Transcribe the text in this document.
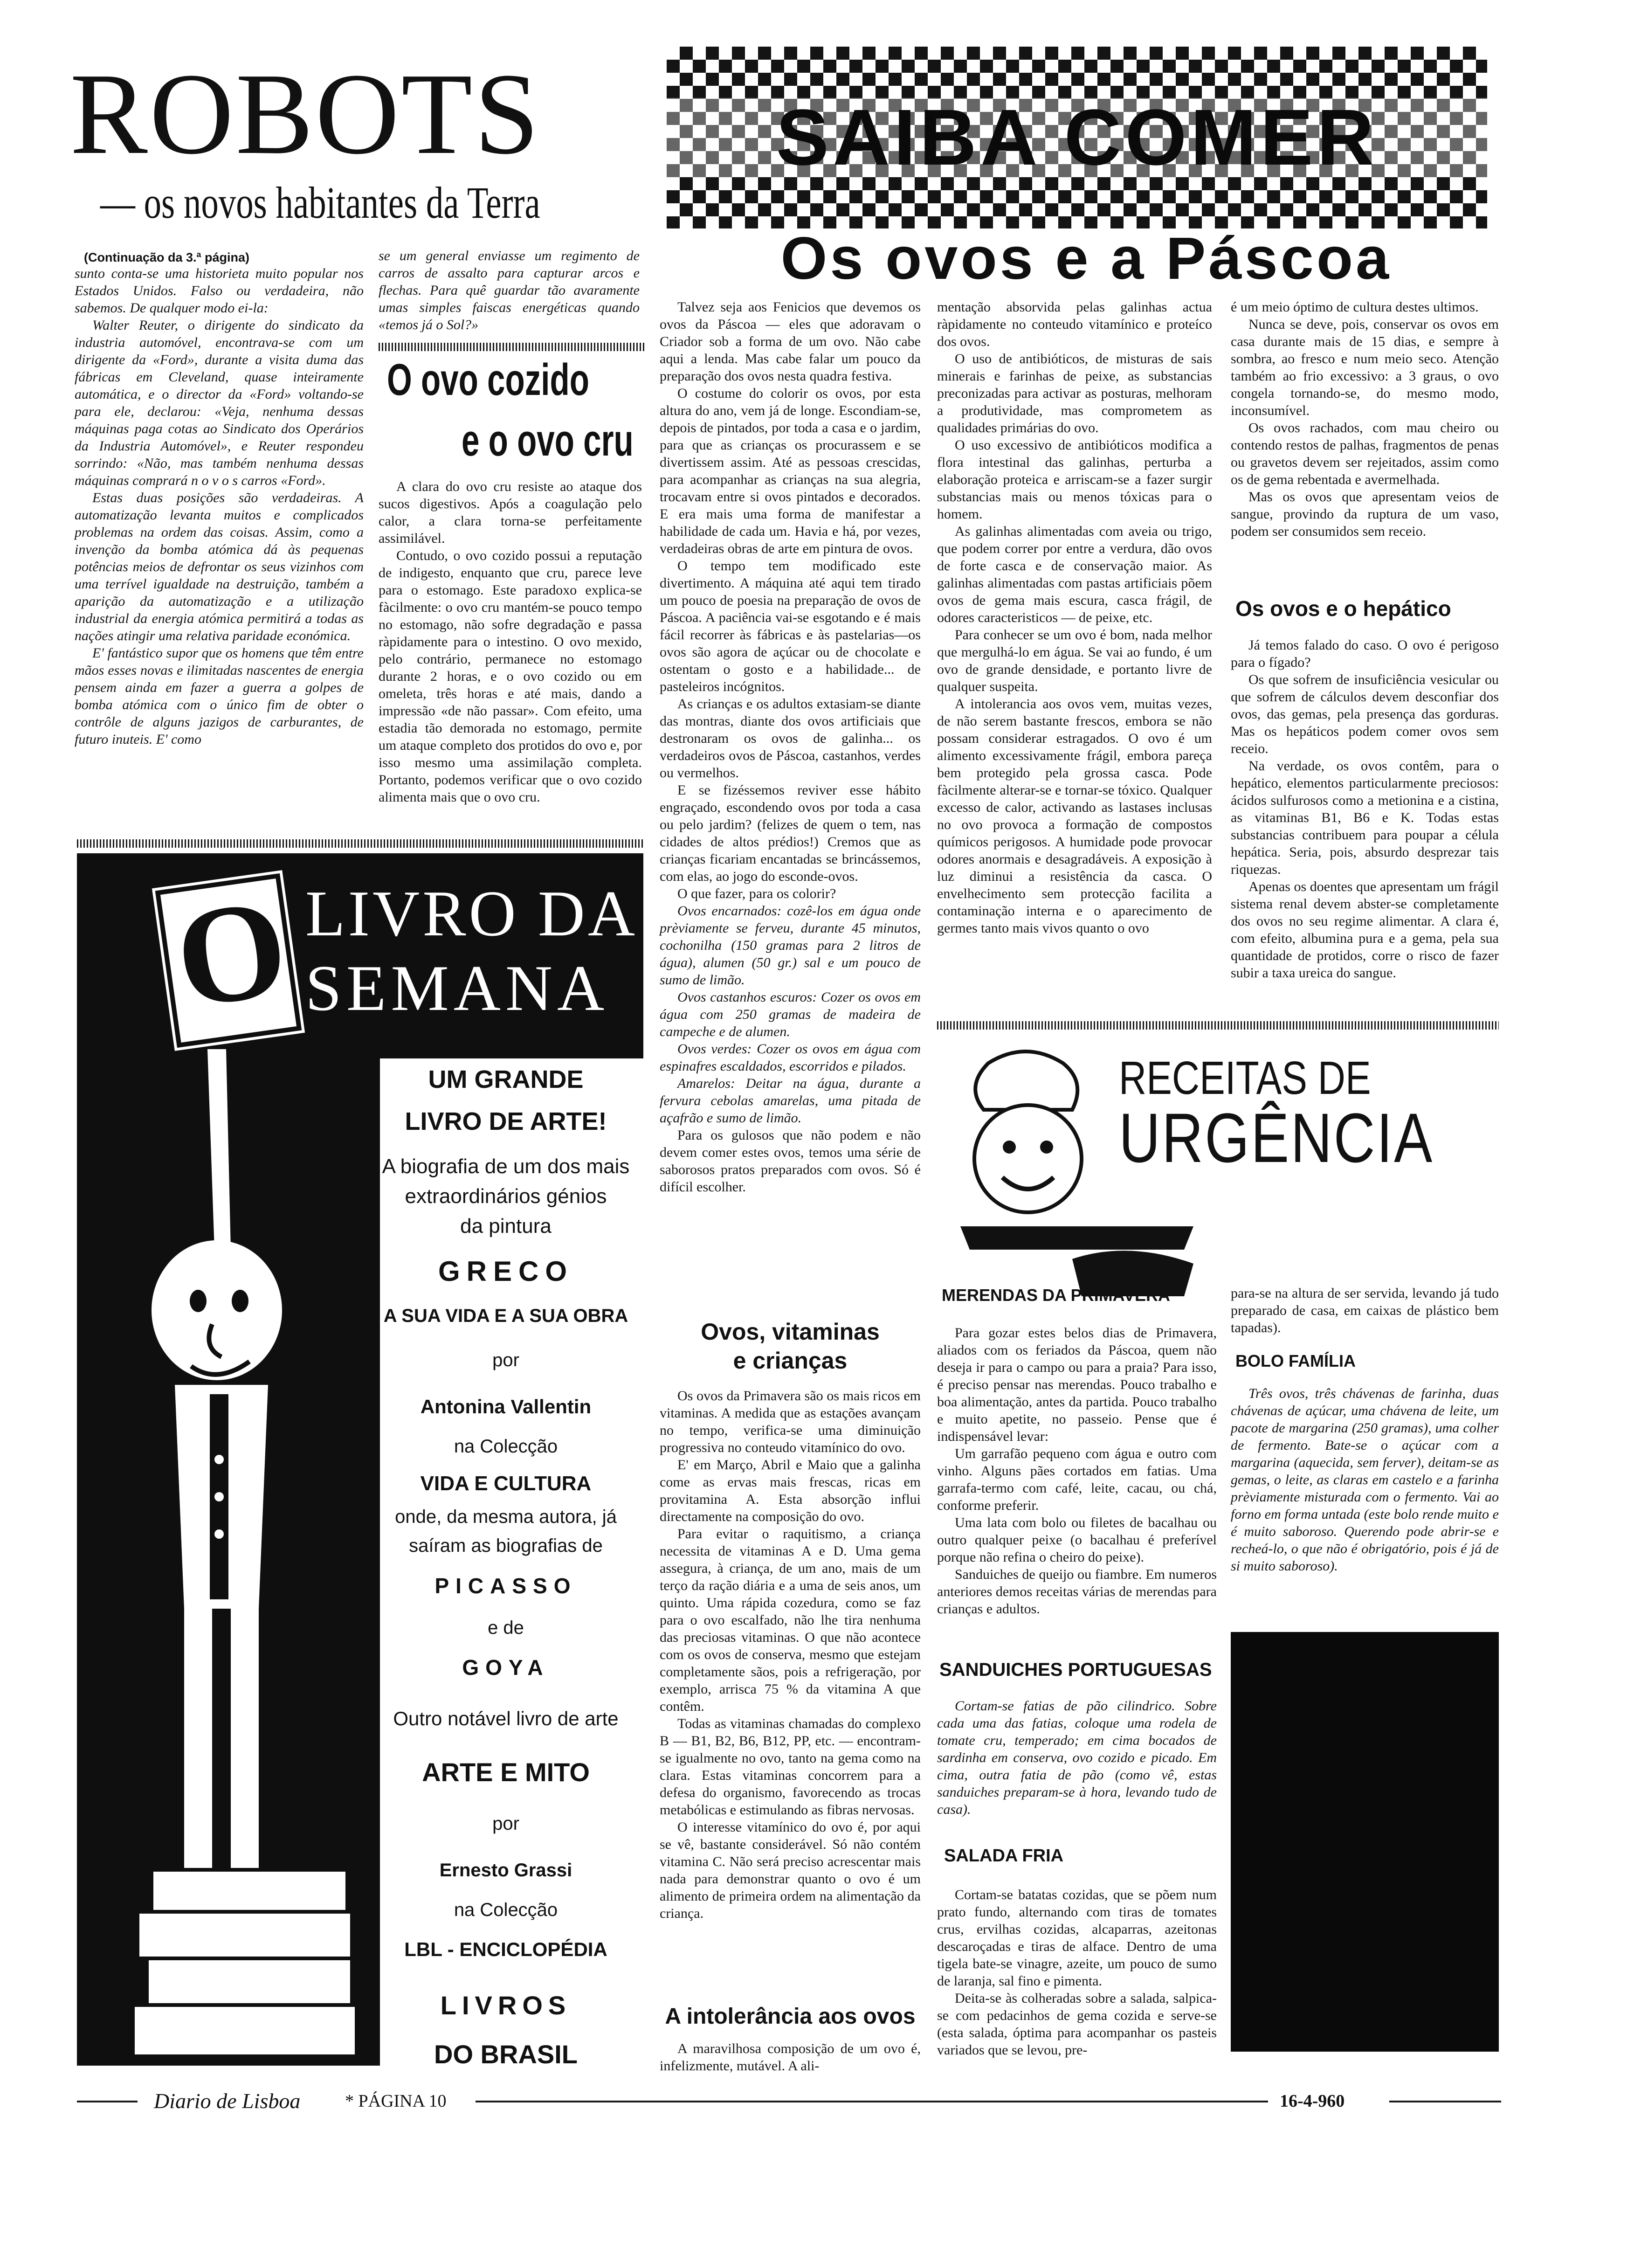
ROBOTS
— os novos habitantes da Terra
(Continuação da 3.ª página)

sunto conta-se uma historieta muito popular nos Estados Unidos. Falso ou verdadeira, não sabemos. De qualquer modo ei-la:

Walter Reuter, o dirigente do sindicato da industria automóvel, encontrava-se com um dirigente da «Ford», durante a visita duma das fábricas em Cleveland, quase inteiramente automática, e o director da «Ford» voltando-se para ele, declarou: «Veja, nenhuma dessas máquinas paga cotas ao Sindicato dos Operários da Industria Automóvel», e Reuter respondeu sorrindo: «Não, mas também nenhuma dessas máquinas comprará n o v o s carros «Ford».

Estas duas posições são verdadeiras. A automatização levanta muitos e complicados problemas na ordem das coisas. Assim, como a invenção da bomba atómica dá às pequenas potências meios de defrontar os seus vizinhos com uma terrível igualdade na destruição, também a aparição da automatização e a utilização industrial da energia atómica permitirá a todas as nações atingir uma relativa paridade económica.

E' fantástico supor que os homens que têm entre mãos esses novas e ilimitadas nascentes de energia pensem ainda em fazer a guerra a golpes de bomba atómica com o único fim de obter o contrôle de alguns jazigos de carburantes, de futuro inuteis. E' como

se um general enviasse um regimento de carros de assalto para capturar arcos e flechas. Para quê guardar tão avaramente umas simples faiscas energéticas quando «temos já o Sol?»

O ovo cozido
e o ovo cru

A clara do ovo cru resiste ao ataque dos sucos digestivos. Após a coagulação pelo calor, a clara torna-se perfeitamente assimilável.

Contudo, o ovo cozido possui a reputação de indigesto, enquanto que cru, parece leve para o estomago. Este paradoxo explica-se fàcilmente: o ovo cru mantém-se pouco tempo no estomago, não sofre degradação e passa ràpidamente para o intestino. O ovo mexido, pelo contrário, permanece no estomago durante 2 horas, e o ovo cozido ou em omeleta, três horas e até mais, dando a impressão «de não passar». Com efeito, uma estadia tão demorada no estomago, permite um ataque completo dos protidos do ovo e, por isso mesmo uma assimilação completa. Portanto, podemos verificar que o ovo cozido alimenta mais que o ovo cru.

O LIVRO DA
SEMANA
UM GRANDE
LIVRO DE ARTE!
A biografia de um dos mais
extraordinários génios
da pintura
GRECO
A SUA VIDA E A SUA OBRA
por
Antonina Vallentin
na Colecção
VIDA E CULTURA
onde, da mesma autora, já saíram as biografias de
PICASSO
e de
GOYA
Outro notável livro de arte
ARTE E MITO
por
Ernesto Grassi
na Colecção
LBL - ENCICLOPÉDIA
LIVROS
DO BRASIL
SAIBA COMER
Os ovos e a Páscoa

Talvez seja aos Fenicios que devemos os ovos da Páscoa — eles que adoravam o Criador sob a forma de um ovo. Não cabe aqui a lenda. Mas cabe falar um pouco da preparação dos ovos nesta quadra festiva.

O costume do colorir os ovos, por esta altura do ano, vem já de longe. Escondiam-se, depois de pintados, por toda a casa e o jardim, para que as crianças os procurassem e se divertissem assim. Até as pessoas crescidas, para acompanhar as crianças na sua alegria, trocavam entre si ovos pintados e decorados. E era mais uma forma de manifestar a habilidade de cada um. Havia e há, por vezes, verdadeiras obras de arte em pintura de ovos.

O tempo tem modificado este divertimento. A máquina até aqui tem tirado um pouco de poesia na preparação de ovos de Páscoa. A paciência vai-se esgotando e é mais fácil recorrer às fábricas e às pastelarias—os ovos são agora de açúcar ou de chocolate e ostentam o gosto e a habilidade... de pasteleiros incógnitos.

As crianças e os adultos extasiam-se diante das montras, diante dos ovos artificiais que destronaram os ovos de galinha... os verdadeiros ovos de Páscoa, castanhos, verdes ou vermelhos.

E se fizéssemos reviver esse hábito engraçado, escondendo ovos por toda a casa ou pelo jardim? (felizes de quem o tem, nas cidades de altos prédios!) Cremos que as crianças ficariam encantadas se brincássemos, com elas, ao jogo do esconde-ovos.

O que fazer, para os colorir?

Ovos encarnados: cozê-los em água onde prèviamente se ferveu, durante 45 minutos, cochonilha (150 gramas para 2 litros de água), alumen (50 gr.) sal e um pouco de sumo de limão.

Ovos castanhos escuros: Cozer os ovos em água com 250 gramas de madeira de campeche e de alumen.

Ovos verdes: Cozer os ovos em água com espinafres escaldados, escorridos e pilados.

Amarelos: Deitar na água, durante a fervura cebolas amarelas, uma pitada de açafrão e sumo de limão.

Para os gulosos que não podem e não devem comer estes ovos, temos uma série de saborosos pratos preparados com ovos. Só é difícil escolher.

Ovos, vitaminas
e crianças

Os ovos da Primavera são os mais ricos em vitaminas. A medida que as estações avançam no tempo, verifica-se uma diminuição progressiva no conteudo vitamínico do ovo.

E' em Março, Abril e Maio que a galinha come as ervas mais frescas, ricas em provitamina A. Esta absorção influi directamente na composição do ovo.

Para evitar o raquitismo, a criança necessita de vitaminas A e D. Uma gema assegura, à criança, de um ano, mais de um terço da ração diária e a uma de seis anos, um quinto. Uma rápida cozedura, como se faz para o ovo escalfado, não lhe tira nenhuma das preciosas vitaminas. O que não acontece com os ovos de conserva, mesmo que estejam completamente sãos, pois a refrigeração, por exemplo, arrisca 75 % da vitamina A que contêm.

Todas as vitaminas chamadas do complexo B — B1, B2, B6, B12, PP, etc. — encontram-se igualmente no ovo, tanto na gema como na clara. Estas vitaminas concorrem para a defesa do organismo, favorecendo as trocas metabólicas e estimulando as fibras nervosas.

O interesse vitamínico do ovo é, por aqui se vê, bastante considerável. Só não contém vitamina C. Não será preciso acrescentar mais nada para demonstrar quanto o ovo é um alimento de primeira ordem na alimentação da criança.

A intolerância aos ovos

A maravilhosa composição de um ovo é, infelizmente, mutável. A ali-

mentação absorvida pelas galinhas actua ràpidamente no conteudo vitamínico e proteíco dos ovos.

O uso de antibióticos, de misturas de sais minerais e farinhas de peixe, as substancias preconizadas para activar as posturas, melhoram a produtividade, mas comprometem as qualidades primárias do ovo.

O uso excessivo de antibióticos modifica a flora intestinal das galinhas, perturba a elaboração proteica e arriscam-se a fazer surgir substancias mais ou menos tóxicas para o homem.

As galinhas alimentadas com aveia ou trigo, que podem correr por entre a verdura, dão ovos de forte casca e de conservação maior. As galinhas alimentadas com pastas artificiais põem ovos de gema mais escura, casca frágil, de odores caracteristicos — de peixe, etc.

Para conhecer se um ovo é bom, nada melhor que mergulhá-lo em água. Se vai ao fundo, é um ovo de grande densidade, e portanto livre de qualquer suspeita.

A intolerancia aos ovos vem, muitas vezes, de não serem bastante frescos, embora se não possam considerar estragados. O ovo é um alimento excessivamente frágil, embora pareça bem protegido pela grossa casca. Pode fàcilmente alterar-se e tornar-se tóxico. Qualquer excesso de calor, activando as lastases inclusas no ovo provoca a formação de compostos químicos perigosos. A humidade pode provocar odores anormais e desagradáveis. A exposição à luz diminui a resistência da casca. O envelhecimento sem protecção facilita a contaminação interna e o aparecimento de germes tanto mais vivos quanto o ovo

é um meio óptimo de cultura destes ultimos.

Nunca se deve, pois, conservar os ovos em casa durante mais de 15 dias, e sempre à sombra, ao fresco e num meio seco. Atenção também ao frio excessivo: a 3 graus, o ovo congela tornando-se, do mesmo modo, inconsumível.

Os ovos rachados, com mau cheiro ou contendo restos de palhas, fragmentos de penas ou gravetos devem ser rejeitados, assim como os de gema rebentada e avermelhada.

Mas os ovos que apresentam veios de sangue, provindo da ruptura de um vaso, podem ser consumidos sem receio.

Os ovos e o hepático

Já temos falado do caso. O ovo é perigoso para o fígado?

Os que sofrem de insuficiência vesicular ou que sofrem de cálculos devem desconfiar dos ovos, das gemas, pela presença das gorduras. Mas os hepáticos podem comer ovos sem receio.

Na verdade, os ovos contêm, para o hepático, elementos particularmente preciosos: ácidos sulfurosos como a metionina e a cistina, as vitaminas B1, B6 e K. Todas estas substancias contribuem para poupar a célula hepática. Seria, pois, absurdo desprezar tais riquezas.

Apenas os doentes que apresentam um frágil sistema renal devem abster-se completamente dos ovos no seu regime alimentar. A clara é, com efeito, albumina pura e a gema, pela sua quantidade de protidos, corre o risco de fazer subir a taxa ureica do sangue.

RECEITAS DE
URGÊNCIA
MERENDAS DA PRIMAVERA

Para gozar estes belos dias de Primavera, aliados com os feriados da Páscoa, quem não deseja ir para o campo ou para a praia? Para isso, é preciso pensar nas merendas. Pouco trabalho e boa alimentação, antes da partida. Pouco trabalho e muito apetite, no passeio. Pense que é indispensável levar:

Um garrafão pequeno com água e outro com vinho. Alguns pães cortados em fatias. Uma garrafa-termo com café, leite, cacau, ou chá, conforme preferir.

Uma lata com bolo ou filetes de bacalhau ou outro qualquer peixe (o bacalhau é preferível porque não refina o cheiro do peixe).

Sanduiches de queijo ou fiambre. Em numeros anteriores demos receitas várias de merendas para crianças e adultos.

SANDUICHES PORTUGUESAS

Cortam-se fatias de pão cilindrico. Sobre cada uma das fatias, coloque uma rodela de tomate cru, temperado; em cima bocados de sardinha em conserva, ovo cozido e picado. Em cima, outra fatia de pão (como vê, estas sanduiches preparam-se à hora, levando tudo de casa).

SALADA FRIA

Cortam-se batatas cozidas, que se põem num prato fundo, alternando com tiras de tomates crus, ervilhas cozidas, alcaparras, azeitonas descaroçadas e tiras de alface. Dentro de uma tigela bate-se vinagre, azeite, um pouco de sumo de laranja, sal fino e pimenta.

Deita-se às colheradas sobre a salada, salpica-se com pedacinhos de gema cozida e serve-se (esta salada, óptima para acompanhar os pasteis variados que se levou, pre-

para-se na altura de ser servida, levando já tudo preparado de casa, em caixas de plástico bem tapadas).

BOLO FAMÍLIA

Três ovos, três chávenas de farinha, duas chávenas de açúcar, uma chávena de leite, um pacote de margarina (250 gramas), uma colher de fermento. Bate-se o açúcar com a margarina (aquecida, sem ferver), deitam-se as gemas, o leite, as claras em castelo e a farinha prèviamente misturada com o fermento. Vai ao forno em forma untada (este bolo rende muito e é muito saboroso. Querendo pode abrir-se e recheá-lo, o que não é obrigatório, pois é já de si muito saboroso).

Diario de Lisboa	* PÁGINA 10	16-4-960
